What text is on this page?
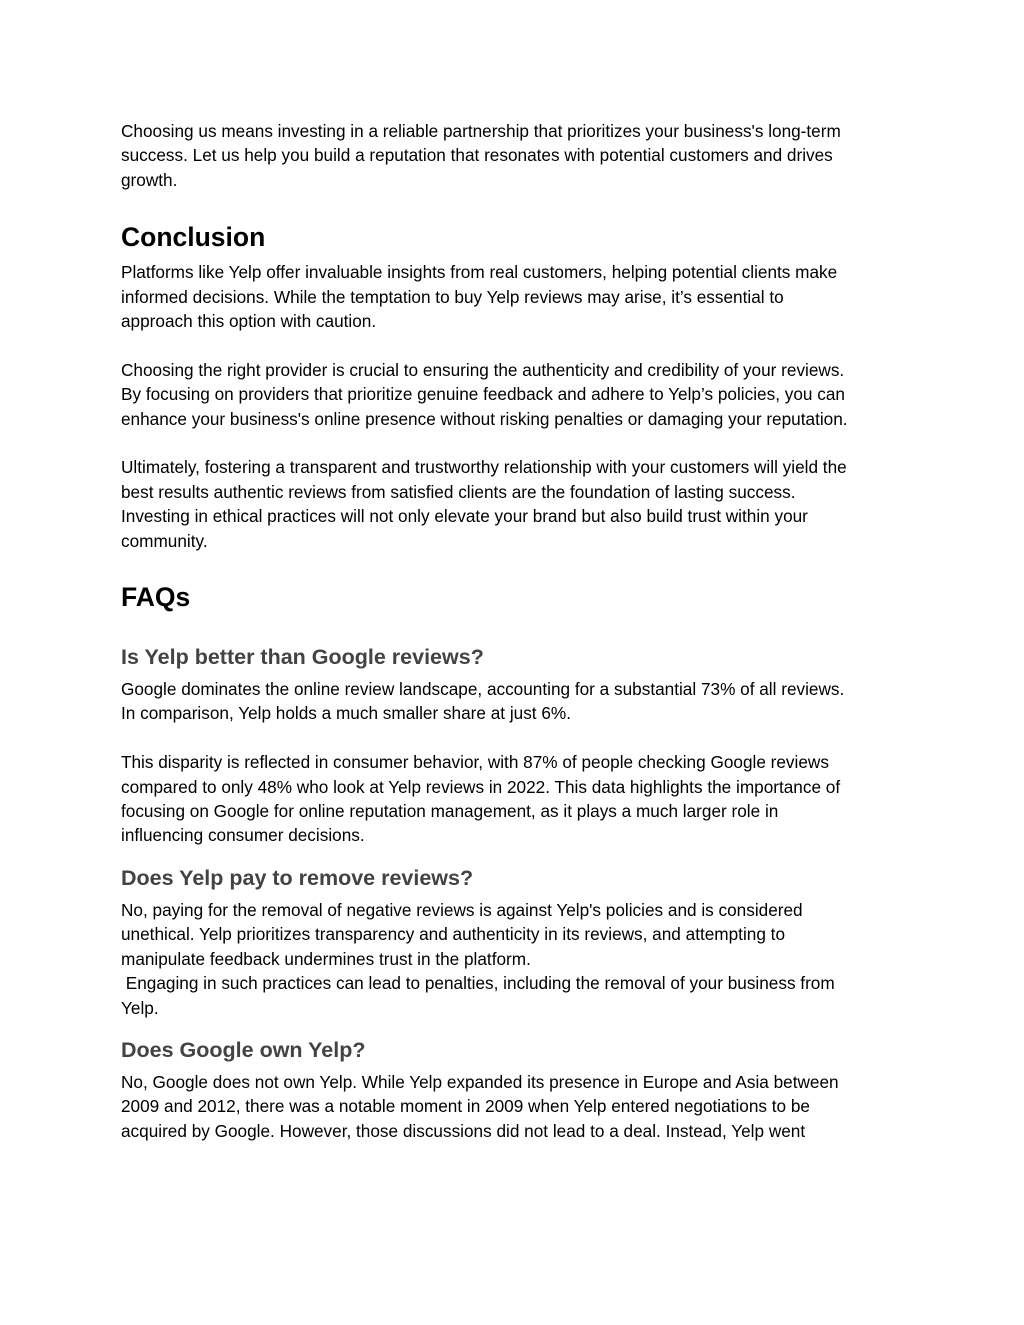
Choosing us means investing in a reliable partnership that prioritizes your business's long-term
success. Let us help you build a reputation that resonates with potential customers and drives
growth.

Conclusion

Platforms like Yelp offer invaluable insights from real customers, helping potential clients make
informed decisions. While the temptation to buy Yelp reviews may arise, it’s essential to
approach this option with caution.

Choosing the right provider is crucial to ensuring the authenticity and credibility of your reviews.
By focusing on providers that prioritize genuine feedback and adhere to Yelp’s policies, you can
enhance your business's online presence without risking penalties or damaging your reputation.

Ultimately, fostering a transparent and trustworthy relationship with your customers will yield the
best results authentic reviews from satisfied clients are the foundation of lasting success.
Investing in ethical practices will not only elevate your brand but also build trust within your
community.

FAQs
Is Yelp better than Google reviews?

Google dominates the online review landscape, accounting for a substantial 73% of all reviews.
In comparison, Yelp holds a much smaller share at just 6%.

This disparity is reflected in consumer behavior, with 87% of people checking Google reviews
compared to only 48% who look at Yelp reviews in 2022. This data highlights the importance of
focusing on Google for online reputation management, as it plays a much larger role in
influencing consumer decisions.

Does Yelp pay to remove reviews?

No, paying for the removal of negative reviews is against Yelp's policies and is considered
unethical. Yelp prioritizes transparency and authenticity in its reviews, and attempting to
manipulate feedback undermines trust in the platform.
Engaging in such practices can lead to penalties, including the removal of your business from
Yelp.

Does Google own Yelp?

No, Google does not own Yelp. While Yelp expanded its presence in Europe and Asia between
2009 and 2012, there was a notable moment in 2009 when Yelp entered negotiations to be
acquired by Google. However, those discussions did not lead to a deal. Instead, Yelp went
